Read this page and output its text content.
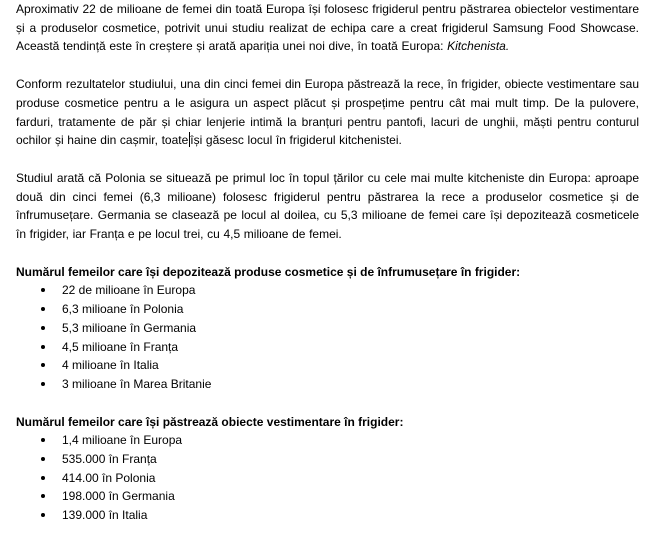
Aproximativ 22 de milioane de femei din toată Europa își folosesc frigiderul pentru păstrarea obiectelor vestimentare și a produselor cosmetice, potrivit unui studiu realizat de echipa care a creat frigiderul Samsung Food Showcase. Această tendință este în creștere și arată apariția unei noi dive, în toată Europa: Kitchenista.

Conform rezultatelor studiului, una din cinci femei din Europa păstrează la rece, în frigider, obiecte vestimentare sau produse cosmetice pentru a le asigura un aspect plăcut și prospețime pentru cât mai mult timp. De la pulovere, farduri, tratamente de păr și chiar lenjerie intimă la branțuri pentru pantofi, lacuri de unghii, măști pentru conturul ochilor și haine din cașmir, toate își găsesc locul în frigiderul kitchenistei.

Studiul arată că Polonia se situează pe primul loc în topul țărilor cu cele mai multe kitcheniste din Europa: aproape două din cinci femei (6,3 milioane) folosesc frigiderul pentru păstrarea la rece a produselor cosmetice și de înfrumusețare. Germania se clasează pe locul al doilea, cu 5,3 milioane de femei care își depozitează cosmeticele în frigider, iar Franța e pe locul trei, cu 4,5 milioane de femei.

Numărul femeilor care își depozitează produse cosmetice și de înfrumusețare în frigider:

22 de milioane în Europa
6,3 milioane în Polonia
5,3 milioane în Germania
4,5 milioane în Franța
4 milioane în Italia
3 milioane în Marea Britanie

Numărul femeilor care își păstrează obiecte vestimentare în frigider:

1,4 milioane în Europa
535.000 în Franța
414.00 în Polonia
198.000 în Germania
139.000 în Italia
